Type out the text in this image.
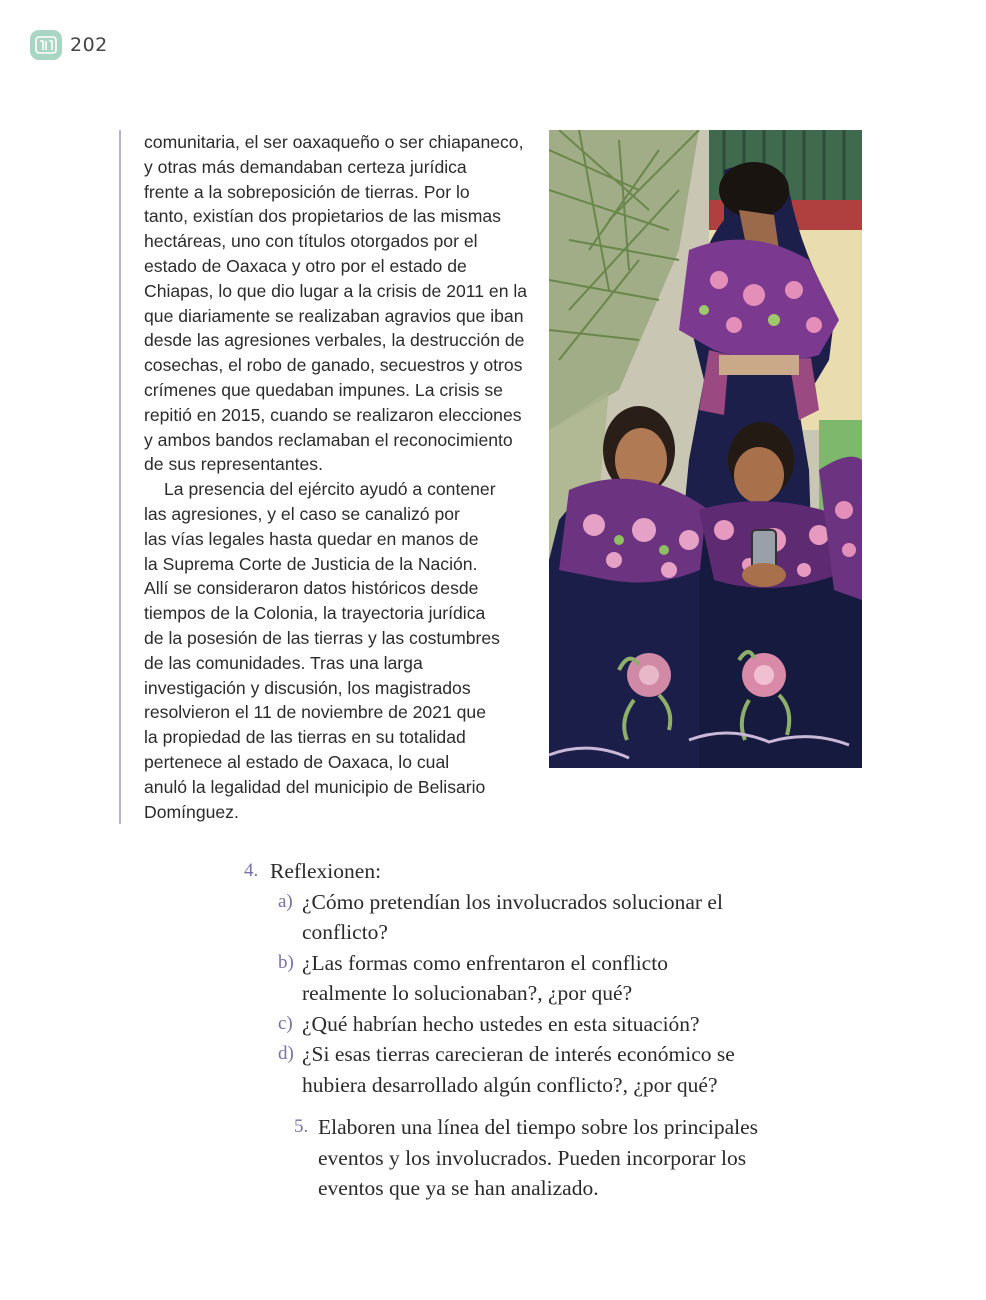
202

comunitaria, el ser oaxaqueño o ser chiapaneco,
y otras más demandaban certeza jurídica
frente a la sobreposición de tierras. Por lo
tanto, existían dos propietarios de las mismas
hectáreas, uno con títulos otorgados por el
estado de Oaxaca y otro por el estado de
Chiapas, lo que dio lugar a la crisis de 2011 en la
que diariamente se realizaban agravios que iban
desde las agresiones verbales, la destrucción de
cosechas, el robo de ganado, secuestros y otros
crímenes que quedaban impunes. La crisis se
repitió en 2015, cuando se realizaron elecciones
y ambos bandos reclamaban el reconocimiento
de sus representantes.

La presencia del ejército ayudó a contener
las agresiones, y el caso se canalizó por
las vías legales hasta quedar en manos de
la Suprema Corte de Justicia de la Nación.
Allí se consideraron datos históricos desde
tiempos de la Colonia, la trayectoria jurídica
de la posesión de las tierras y las costumbres
de las comunidades. Tras una larga
investigación y discusión, los magistrados
resolvieron el 11 de noviembre de 2021 que
la propiedad de las tierras en su totalidad
pertenece al estado de Oaxaca, lo cual
anuló la legalidad del municipio de Belisario
Domínguez.

4. Reflexionen:
a) ¿Cómo pretendían los involucrados solucionar el
conflicto?
b) ¿Las formas como enfrentaron el conflicto
realmente lo solucionaban?, ¿por qué?
c) ¿Qué habrían hecho ustedes en esta situación?
d) ¿Si esas tierras carecieran de interés económico se
hubiera desarrollado algún conflicto?, ¿por qué?
5. Elaboren una línea del tiempo sobre los principales
eventos y los involucrados. Pueden incorporar los
eventos que ya se han analizado.
